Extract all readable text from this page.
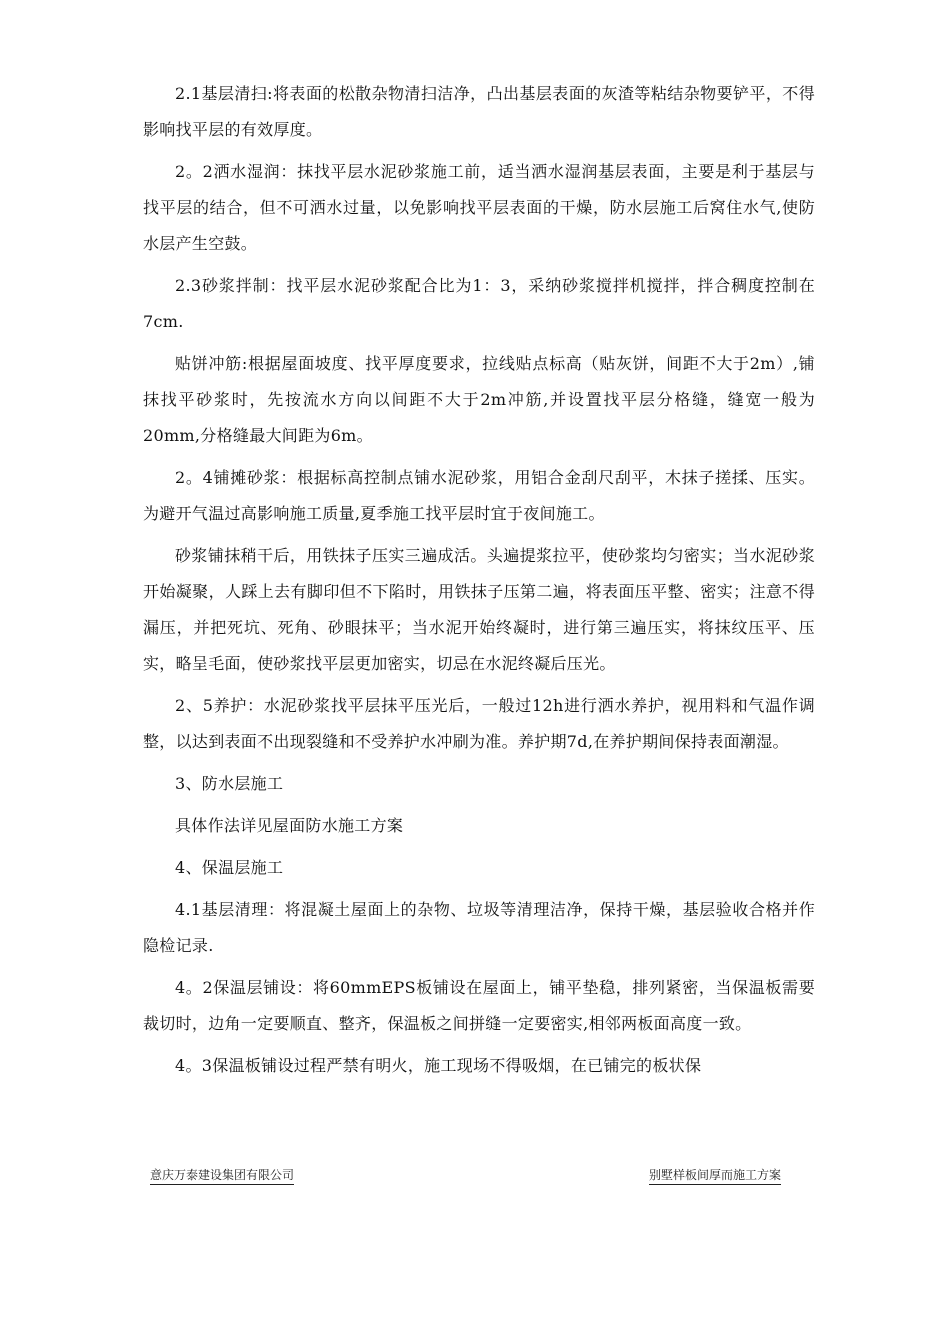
2.1基层清扫:将表面的松散杂物清扫洁净，凸出基层表面的灰渣等粘结杂物要铲平，不得影响找平层的有效厚度。

2。2洒水湿润：抹找平层水泥砂浆施工前，适当洒水湿润基层表面，主要是利于基层与找平层的结合，但不可洒水过量，以免影响找平层表面的干燥，防水层施工后窝住水气,使防水层产生空鼓。

2.3砂浆拌制：找平层水泥砂浆配合比为1：3，采纳砂浆搅拌机搅拌，拌合稠度控制在7cm.

贴饼冲筋:根据屋面坡度、找平厚度要求，拉线贴点标高（贴灰饼，间距不大于2m）,铺抹找平砂浆时，先按流水方向以间距不大于2m冲筋,并设置找平层分格缝，缝宽一般为20mm,分格缝最大间距为6m。

2。4铺摊砂浆：根据标高控制点铺水泥砂浆，用铝合金刮尺刮平，木抹子搓揉、压实。为避开气温过高影响施工质量,夏季施工找平层时宜于夜间施工。

砂浆铺抹稍干后，用铁抹子压实三遍成活。头遍提浆拉平，使砂浆均匀密实；当水泥砂浆开始凝聚，人踩上去有脚印但不下陷时，用铁抹子压第二遍，将表面压平整、密实；注意不得漏压，并把死坑、死角、砂眼抹平；当水泥开始终凝时，进行第三遍压实，将抹纹压平、压实，略呈毛面，使砂浆找平层更加密实，切忌在水泥终凝后压光。

2、5养护：水泥砂浆找平层抹平压光后，一般过12h进行洒水养护，视用料和气温作调整，以达到表面不出现裂缝和不受养护水冲刷为准。养护期7d,在养护期间保持表面潮湿。

3、防水层施工

具体作法详见屋面防水施工方案

4、保温层施工

4.1基层清理：将混凝土屋面上的杂物、垃圾等清理洁净，保持干燥，基层验收合格并作隐检记录.

4。2保温层铺设：将60mmEPS板铺设在屋面上，铺平垫稳，排列紧密，当保温板需要裁切时，边角一定要顺直、整齐，保温板之间拼缝一定要密实,相邻两板面高度一致。

4。3保温板铺设过程严禁有明火，施工现场不得吸烟，在已铺完的板状保

意庆万泰建设集团有限公司	别墅样板间厚而施工方案
